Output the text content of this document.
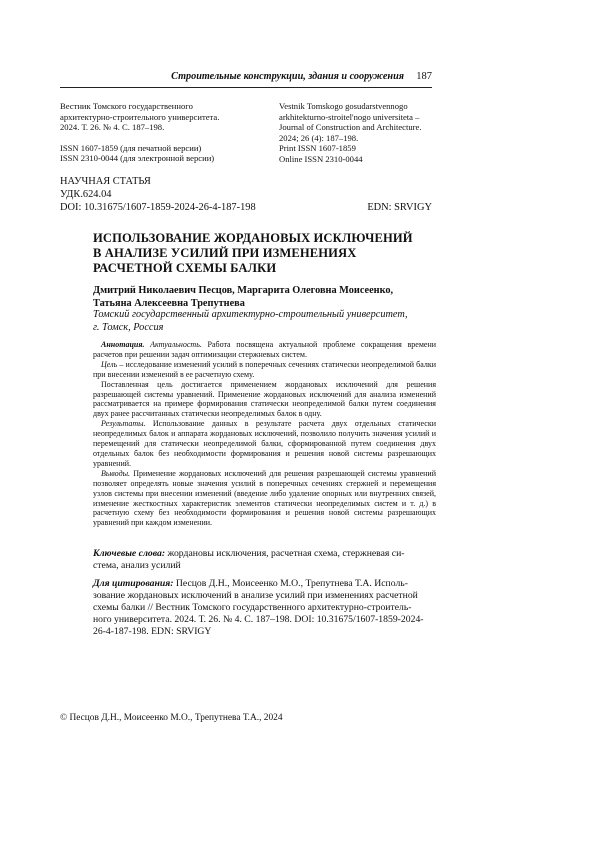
Строительные конструкции, здания и сооружения 187
Вестник Томского государственного
архитектурно-строительного университета.
2024. Т. 26. № 4. С. 187–198.
ISSN 1607-1859 (для печатной версии)
ISSN 2310-0044 (для электронной версии)
Vestnik Tomskogo gosudarstvennogo
arkhitekturno-stroitel'nogo universiteta –
Journal of Construction and Architecture.
2024; 26 (4): 187–198.
Print ISSN 1607-1859
Online ISSN 2310-0044
НАУЧНАЯ СТАТЬЯ
УДК.624.04
DOI: 10.31675/1607-1859-2024-26-4-187-198	EDN: SRVIGY
ИСПОЛЬЗОВАНИЕ ЖОРДАНОВЫХ ИСКЛЮЧЕНИЙ
В АНАЛИЗЕ УСИЛИЙ ПРИ ИЗМЕНЕНИЯХ
РАСЧЕТНОЙ СХЕМЫ БАЛКИ
Дмитрий Николаевич Песцов, Маргарита Олеговна Моисеенко,
Татьяна Алексеевна Трепутнева
Томский государственный архитектурно-строительный университет,
г. Томск, Россия

Аннотация. Актуальность. Работа посвящена актуальной проблеме сокращения времени расчетов при решении задач оптимизации стержневых систем.

Цель – исследование изменений усилий в поперечных сечениях статически неопределимой балки при внесении изменений в ее расчетную схему.

Поставленная цель достигается применением жордановых исключений для решения разрешающей системы уравнений. Применение жордановых исключений для анализа изменений рассматривается на примере формирования статически неопределимой балки путем соединения двух ранее рассчитанных статически неопределимых балок в одну.

Результаты. Использование данных в результате расчета двух отдельных статически неопределимых балок и аппарата жордановых исключений, позволило получить значения усилий и перемещений для статически неопределимой балки, сформированной путем соединения двух отдельных балок без необходимости формирования и решения новой системы разрешающих уравнений.

Выводы. Применение жордановых исключений для решения разрешающей системы уравнений позволяет определять новые значения усилий в поперечных сечениях стержней и перемещения узлов системы при внесении изменений (введение либо удаление опорных или внутренних связей, изменение жесткостных характеристик элементов статически неопределимых систем и т. д.) в расчетную схему без необходимости формирования и решения новой системы разрешающих уравнений при каждом изменении.

Ключевые слова: жордановы исключения, расчетная схема, стержневая си-
стема, анализ усилий
Для цитирования: Песцов Д.Н., Моисеенко М.О., Трепутнева Т.А. Исполь-
зование жордановых исключений в анализе усилий при изменениях расчетной
схемы балки // Вестник Томского государственного архитектурно-строитель-
ного университета. 2024. Т. 26. № 4. С. 187–198. DOI: 10.31675/1607-1859-2024-
26-4-187-198. EDN: SRVIGY
© Песцов Д.Н., Моисеенко М.О., Трепутнева Т.А., 2024
